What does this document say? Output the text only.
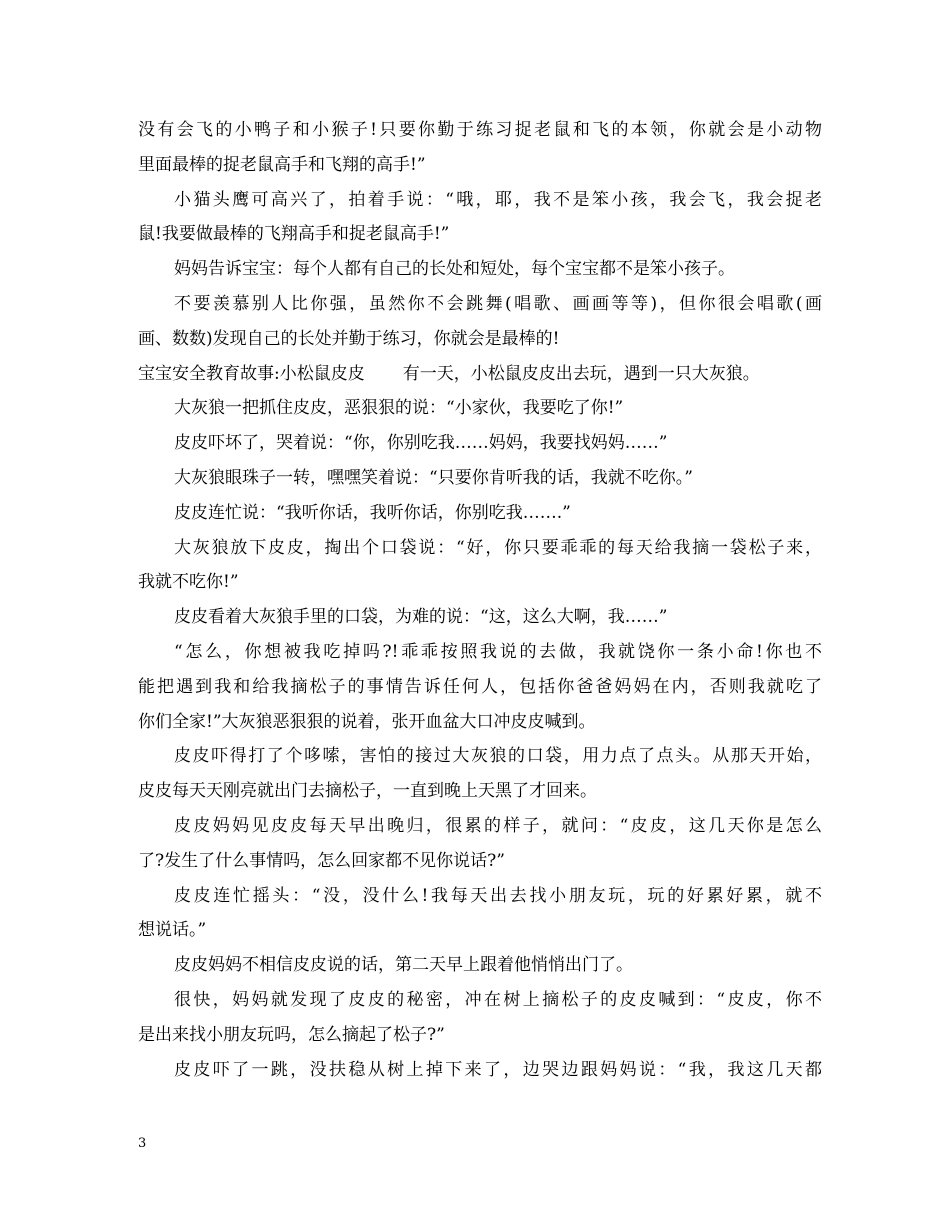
没有会飞的小鸭子和小猴子!只要你勤于练习捉老鼠和飞的本领，你就会是小动物
里面最棒的捉老鼠高手和飞翔的高手!”
小猫头鹰可高兴了，拍着手说：“哦，耶，我不是笨小孩，我会飞，我会捉老
鼠!我要做最棒的飞翔高手和捉老鼠高手!”
妈妈告诉宝宝：每个人都有自己的长处和短处，每个宝宝都不是笨小孩子。
不要羡慕别人比你强，虽然你不会跳舞(唱歌、画画等等)，但你很会唱歌(画
画、数数)发现自己的长处并勤于练习，你就会是最棒的!
宝宝安全教育故事:小松鼠皮皮 有一天，小松鼠皮皮出去玩，遇到一只大灰狼。
大灰狼一把抓住皮皮，恶狠狠的说：“小家伙，我要吃了你!”
皮皮吓坏了，哭着说：“你，你别吃我……妈妈，我要找妈妈……”
大灰狼眼珠子一转，嘿嘿笑着说：“只要你肯听我的话，我就不吃你。”
皮皮连忙说：“我听你话，我听你话，你别吃我…….”
大灰狼放下皮皮，掏出个口袋说：“好，你只要乖乖的每天给我摘一袋松子来，
我就不吃你!”
皮皮看着大灰狼手里的口袋，为难的说：“这，这么大啊，我……”
“怎么，你想被我吃掉吗?!乖乖按照我说的去做，我就饶你一条小命!你也不
能把遇到我和给我摘松子的事情告诉任何人，包括你爸爸妈妈在内，否则我就吃了
你们全家!”大灰狼恶狠狠的说着，张开血盆大口冲皮皮喊到。
皮皮吓得打了个哆嗦，害怕的接过大灰狼的口袋，用力点了点头。从那天开始，
皮皮每天天刚亮就出门去摘松子，一直到晚上天黑了才回来。
皮皮妈妈见皮皮每天早出晚归，很累的样子，就问：“皮皮，这几天你是怎么
了?发生了什么事情吗，怎么回家都不见你说话?”
皮皮连忙摇头：“没，没什么!我每天出去找小朋友玩，玩的好累好累，就不
想说话。”
皮皮妈妈不相信皮皮说的话，第二天早上跟着他悄悄出门了。
很快，妈妈就发现了皮皮的秘密，冲在树上摘松子的皮皮喊到：“皮皮，你不
是出来找小朋友玩吗，怎么摘起了松子?”
皮皮吓了一跳，没扶稳从树上掉下来了，边哭边跟妈妈说：“我，我这几天都
3
